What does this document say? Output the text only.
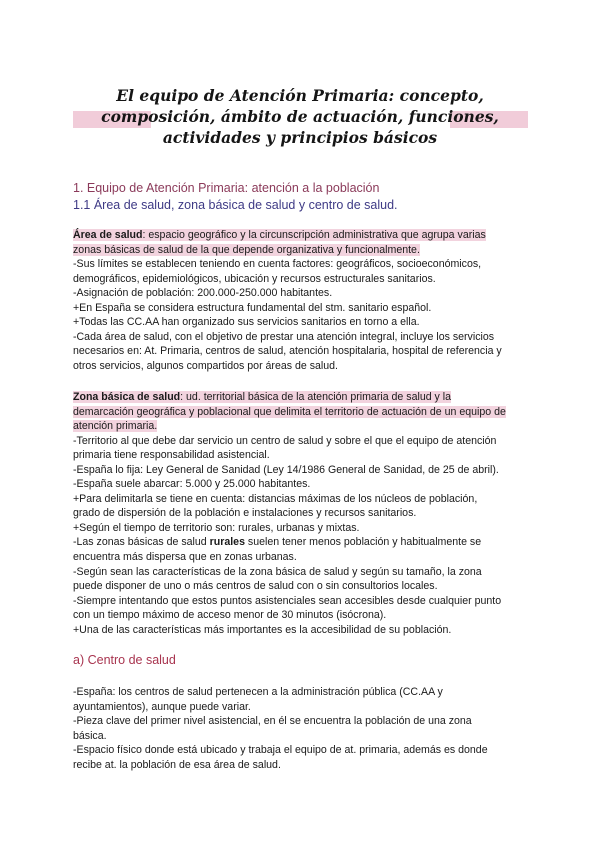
El equipo de Atención Primaria: concepto,
composición, ámbito de actuación, funciones,
actividades y principios básicos
1. Equipo de Atención Primaria: atención a la población
1.1 Área de salud, zona básica de salud y centro de salud.

Área de salud: espacio geográfico y la circunscripción administrativa que agrupa varias

zonas básicas de salud de la que depende organizativa y funcionalmente.

-Sus límites se establecen teniendo en cuenta factores: geográficos, socioeconómicos,

demográficos, epidemiológicos, ubicación y recursos estructurales sanitarios.

-Asignación de población: 200.000-250.000 habitantes.

+En España se considera estructura fundamental del stm. sanitario español.

+Todas las CC.AA han organizado sus servicios sanitarios en torno a ella.

-Cada área de salud, con el objetivo de prestar una atención integral, incluye los servicios

necesarios en: At. Primaria, centros de salud, atención hospitalaria, hospital de referencia y

otros servicios, algunos compartidos por áreas de salud.

Zona básica de salud: ud. territorial básica de la atención primaria de salud y la

demarcación geográfica y poblacional que delimita el territorio de actuación de un equipo de

atención primaria.

-Territorio al que debe dar servicio un centro de salud y sobre el que el equipo de atención

primaria tiene responsabilidad asistencial.

-España lo fija: Ley General de Sanidad (Ley 14/1986 General de Sanidad, de 25 de abril).

-España suele abarcar: 5.000 y 25.000 habitantes.

+Para delimitarla se tiene en cuenta: distancias máximas de los núcleos de población,

grado de dispersión de la población e instalaciones y recursos sanitarios.

+Según el tiempo de territorio son: rurales, urbanas y mixtas.

-Las zonas básicas de salud rurales suelen tener menos población y habitualmente se

encuentra más dispersa que en zonas urbanas.

-Según sean las características de la zona básica de salud y según su tamaño, la zona

puede disponer de uno o más centros de salud con o sin consultorios locales.

-Siempre intentando que estos puntos asistenciales sean accesibles desde cualquier punto

con un tiempo máximo de acceso menor de 30 minutos (isócrona).

+Una de las características más importantes es la accesibilidad de su población.

a) Centro de salud

-España: los centros de salud pertenecen a la administración pública (CC.AA y

ayuntamientos), aunque puede variar.

-Pieza clave del primer nivel asistencial, en él se encuentra la población de una zona

básica.

-Espacio físico donde está ubicado y trabaja el equipo de at. primaria, además es donde

recibe at. la población de esa área de salud.
